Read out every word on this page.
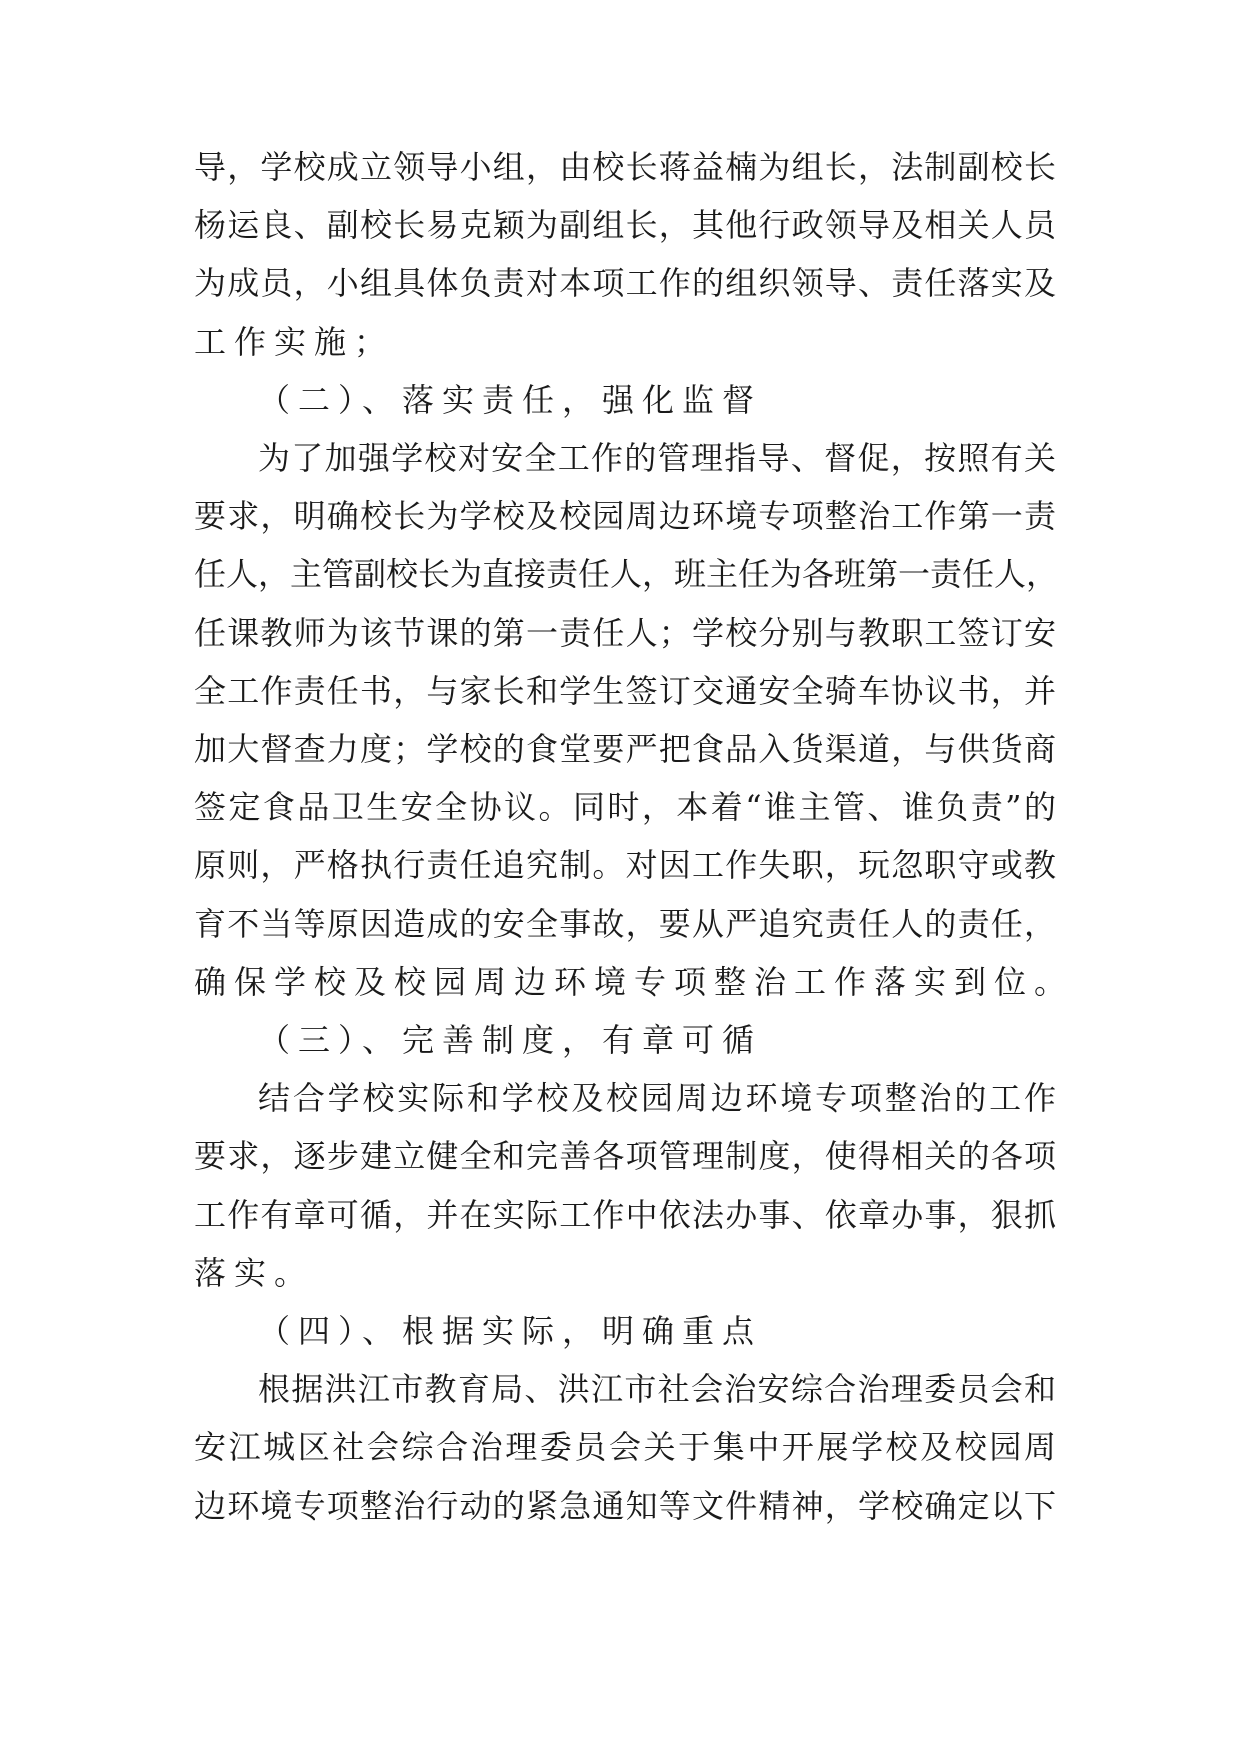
导，学校成立领导小组，由校长蒋益楠为组长，法制副校长
杨运良、副校长易克颖为副组长，其他行政领导及相关人员
为成员，小组具体负责对本项工作的组织领导、责任落实及
工作实施；
（二）、落实责任，强化监督
为了加强学校对安全工作的管理指导、督促，按照有关
要求，明确校长为学校及校园周边环境专项整治工作第一责
任人，主管副校长为直接责任人，班主任为各班第一责任人，
任课教师为该节课的第一责任人；学校分别与教职工签订安
全工作责任书，与家长和学生签订交通安全骑车协议书，并
加大督查力度；学校的食堂要严把食品入货渠道，与供货商
签定食品卫生安全协议。同时，本着“谁主管、谁负责”的
原则，严格执行责任追究制。对因工作失职，玩忽职守或教
育不当等原因造成的安全事故，要从严追究责任人的责任，
确保学校及校园周边环境专项整治工作落实到位。
（三）、完善制度，有章可循
结合学校实际和学校及校园周边环境专项整治的工作
要求，逐步建立健全和完善各项管理制度，使得相关的各项
工作有章可循，并在实际工作中依法办事、依章办事，狠抓
落实。
（四）、根据实际，明确重点
根据洪江市教育局、洪江市社会治安综合治理委员会和
安江城区社会综合治理委员会关于集中开展学校及校园周
边环境专项整治行动的紧急通知等文件精神，学校确定以下
